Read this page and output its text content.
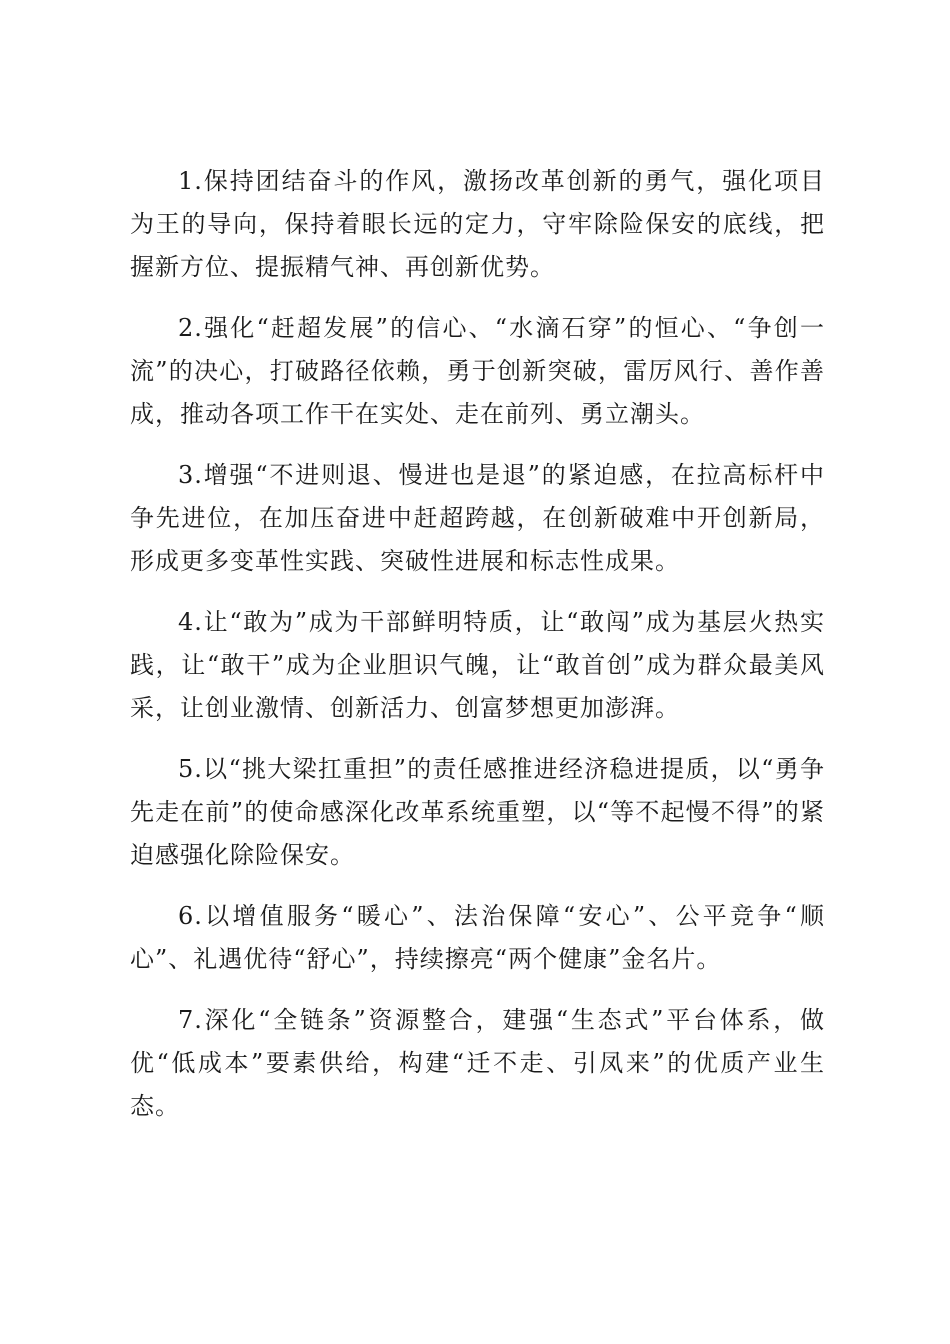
1.保持团结奋斗的作风，激扬改革创新的勇气，强化项目为王的导向，保持着眼长远的定力，守牢除险保安的底线，把握新方位、提振精气神、再创新优势。

2.强化“赶超发展”的信心、“水滴石穿”的恒心、“争创一流”的决心，打破路径依赖，勇于创新突破，雷厉风行、善作善成，推动各项工作干在实处、走在前列、勇立潮头。

3.增强“不进则退、慢进也是退”的紧迫感，在拉高标杆中争先进位，在加压奋进中赶超跨越，在创新破难中开创新局，形成更多变革性实践、突破性进展和标志性成果。

4.让“敢为”成为干部鲜明特质，让“敢闯”成为基层火热实践，让“敢干”成为企业胆识气魄，让“敢首创”成为群众最美风采，让创业激情、创新活力、创富梦想更加澎湃。

5.以“挑大梁扛重担”的责任感推进经济稳进提质，以“勇争先走在前”的使命感深化改革系统重塑，以“等不起慢不得”的紧迫感强化除险保安。

6.以增值服务“暖心”、法治保障“安心”、公平竞争“顺心”、礼遇优待“舒心”，持续擦亮“两个健康”金名片。

7.深化“全链条”资源整合，建强“生态式”平台体系，做优“低成本”要素供给，构建“迁不走、引凤来”的优质产业生态。
